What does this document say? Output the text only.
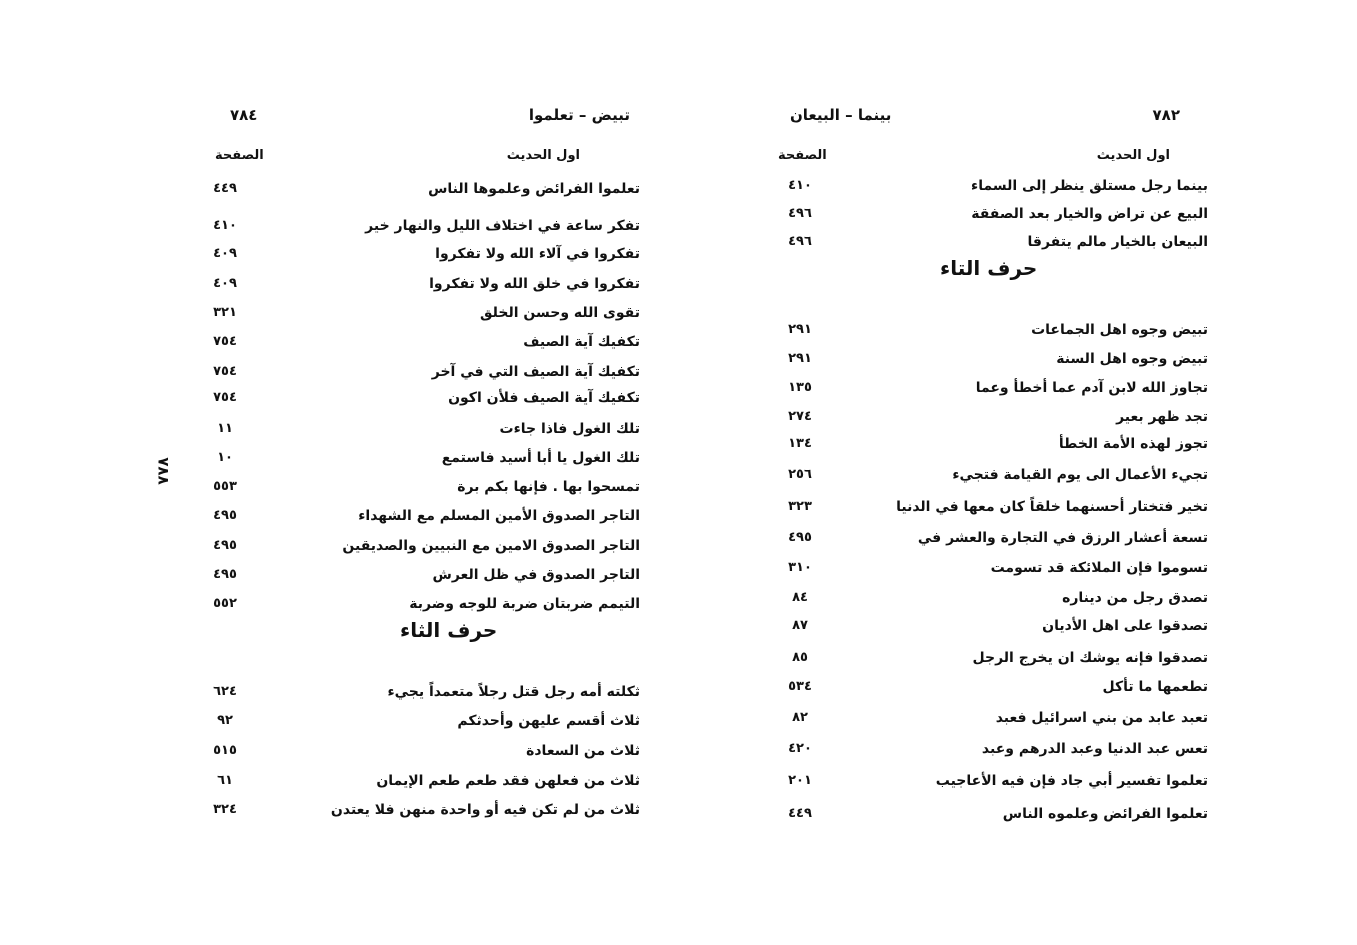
٧٨٢
بينما – البيعان
اول الحديث
الصفحة
بينما رجل مستلق ينظر إلى السماء
٤١٠
البيع عن تراض والخيار بعد الصفقة
٤٩٦
البيعان بالخيار مالم يتفرقا
٤٩٦
حرف التاء
تبيض وجوه اهل الجماعات
٢٩١
تبيض وجوه اهل السنة
٢٩١
تجاوز الله لابن آدم عما أخطأ وعما
١٣٥
تجد ظهر بعير
٢٧٤
تجوز لهذه الأمة الخطأ
١٣٤
تجيء الأعمال الى يوم القيامة فتجيء
٢٥٦
تخير فتختار أحسنهما خلقاً كان معها في الدنيا
٣٢٣
تسعة أعشار الرزق في التجارة والعشر في
٤٩٥
تسوموا فإن الملائكة قد تسومت
٣١٠
تصدق رجل من ديناره
٨٤
تصدقوا على اهل الأديان
٨٧
تصدقوا فإنه يوشك ان يخرج الرجل
٨٥
تطعمها ما تأكل
٥٣٤
تعبد عابد من بني اسرائيل فعبد
٨٢
تعس عبد الدنيا وعبد الدرهم وعبد
٤٢٠
تعلموا تفسير أبي جاد فإن فيه الأعاجيب
٢٠١
تعلموا الفرائض وعلموه الناس
٤٤٩
٧٨٤	تبيض – تعلموا
اول الحديث
الصفحة
تعلموا الفرائض وعلموها الناس
٤٤٩
تفكر ساعة في اختلاف الليل والنهار خير
٤١٠
تفكروا في آلاء الله ولا تفكروا
٤٠٩
تفكروا في خلق الله ولا تفكروا
٤٠٩
تقوى الله وحسن الخلق
٣٢١
تكفيك آية الصيف
٧٥٤
تكفيك آية الصيف التي في آخر
٧٥٤
تكفيك آية الصيف فلأن اكون
٧٥٤
تلك الغول فاذا جاءت
١١
تلك الغول يا أبا أسيد فاستمع
١٠
تمسحوا بها . فإنها بكم برة
٥٥٣
التاجر الصدوق الأمين المسلم مع الشهداء
٤٩٥
التاجر الصدوق الامين مع النبيين والصديقين
٤٩٥
التاجر الصدوق في ظل العرش
٤٩٥
التيمم ضربتان ضربة للوجه وضربة
٥٥٢
حرف الثاء
ثكلته أمه رجل قتل رجلاً متعمداً يجيء
٦٢٤
ثلاث أقسم عليهن وأحدثكم
٩٢
ثلاث من السعادة
٥١٥
ثلاث من فعلهن فقد طعم طعم الإيمان
٦١
ثلاث من لم تكن فيه أو واحدة منهن فلا يعتدن
٣٢٤
٧٨٨
